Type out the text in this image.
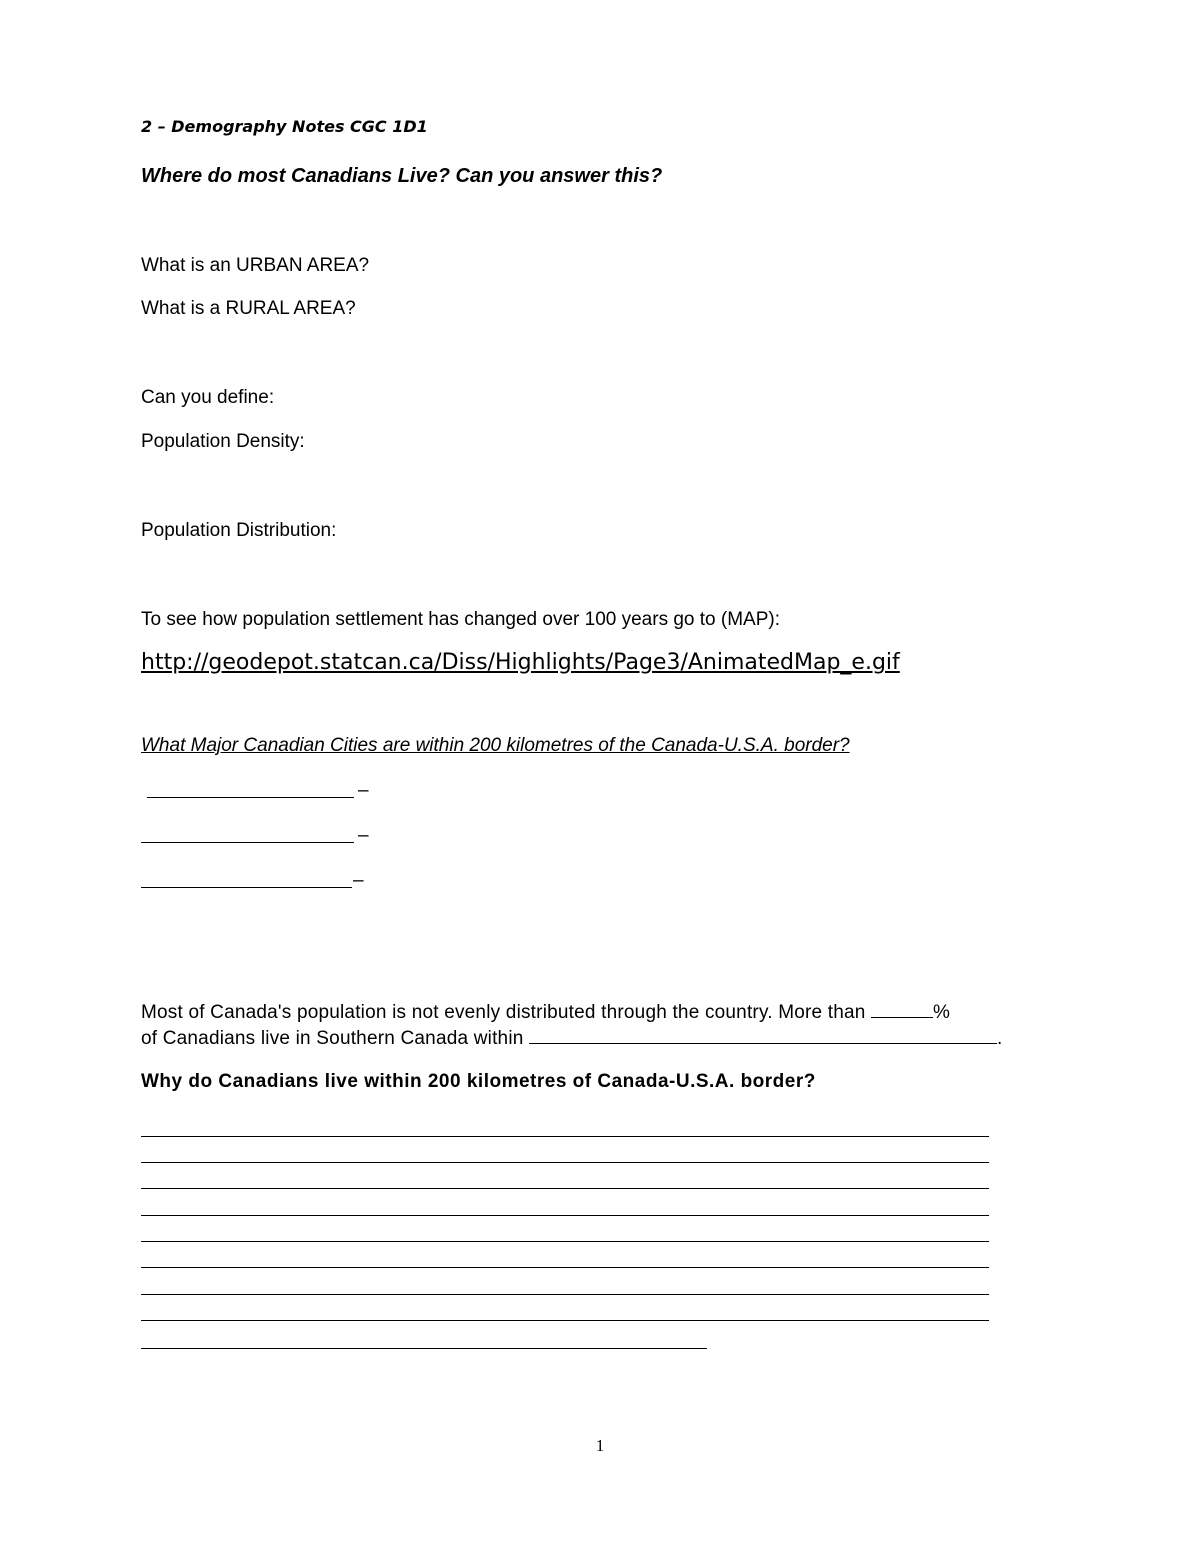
2 – Demography Notes CGC 1D1
Where do most Canadians Live? Can you answer this?
What is an URBAN AREA?
What is a RURAL AREA?
Can you define:
Population Density:
Population Distribution:
To see how population settlement has changed over 100 years go to (MAP):
http://geodepot.statcan.ca/Diss/Highlights/Page3/AnimatedMap_e.gif
What Major Canadian Cities are within 200 kilometres of the Canada-U.S.A. border?
–
–
–
Most of Canada's population is not evenly distributed through the country. More than	%
of Canadians live in Southern Canada within	.
Why do Canadians live within 200 kilometres of Canada-U.S.A. border?
1
